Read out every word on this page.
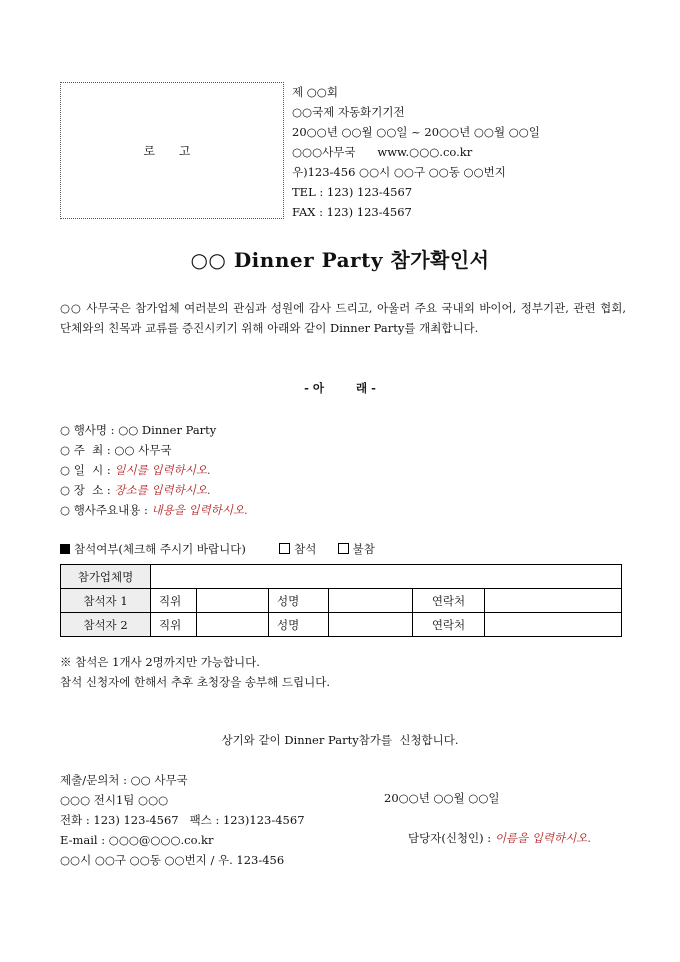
로 고
제 ○○회
○○국제 자동화기기전
20○○년 ○○월 ○○일 ~ 20○○년 ○○월 ○○일
○○○사무국      www.○○○.co.kr
우)123-456 ○○시 ○○구 ○○동 ○○번지
TEL : 123) 123-4567
FAX : 123) 123-4567
○○ Dinner Party 참가확인서
○○ 사무국은 참가업체 여러분의 관심과 성원에 감사 드리고, 아울러 주요 국내외 바이어, 정부기관, 관련 협회, 단체와의 친목과 교류를 증진시키기 위해 아래와 같이 Dinner Party를 개최합니다.
- 아        래 -
○ 행사명 : ○○ Dinner Party
○ 주  최 : ○○ 사무국
○ 일  시 : 일시를 입력하시오.
○ 장  소 : 장소를 입력하시오.
○ 행사주요내용 : 내용을 입력하시오.
참석여부(체크해 주시기 바랍니다)	참석	불참
참가업체명						
참석자 1	직위		성명		연락처	
참석자 2	직위		성명		연락처	
※ 참석은 1개사 2명까지만 가능합니다.
참석 신청자에 한해서 추후 초청장을 송부해 드립니다.
상기와 같이 Dinner Party참가를  신청합니다.
제출/문의처 : ○○ 사무국
○○○ 전시1팀 ○○○
전화 : 123) 123-4567   팩스 : 123)123-4567
E-mail : ○○○@○○○.co.kr
○○시 ○○구 ○○동 ○○번지 / 우. 123-456
20○○년 ○○월 ○○일
담당자(신청인) : 이름을 입력하시오.
